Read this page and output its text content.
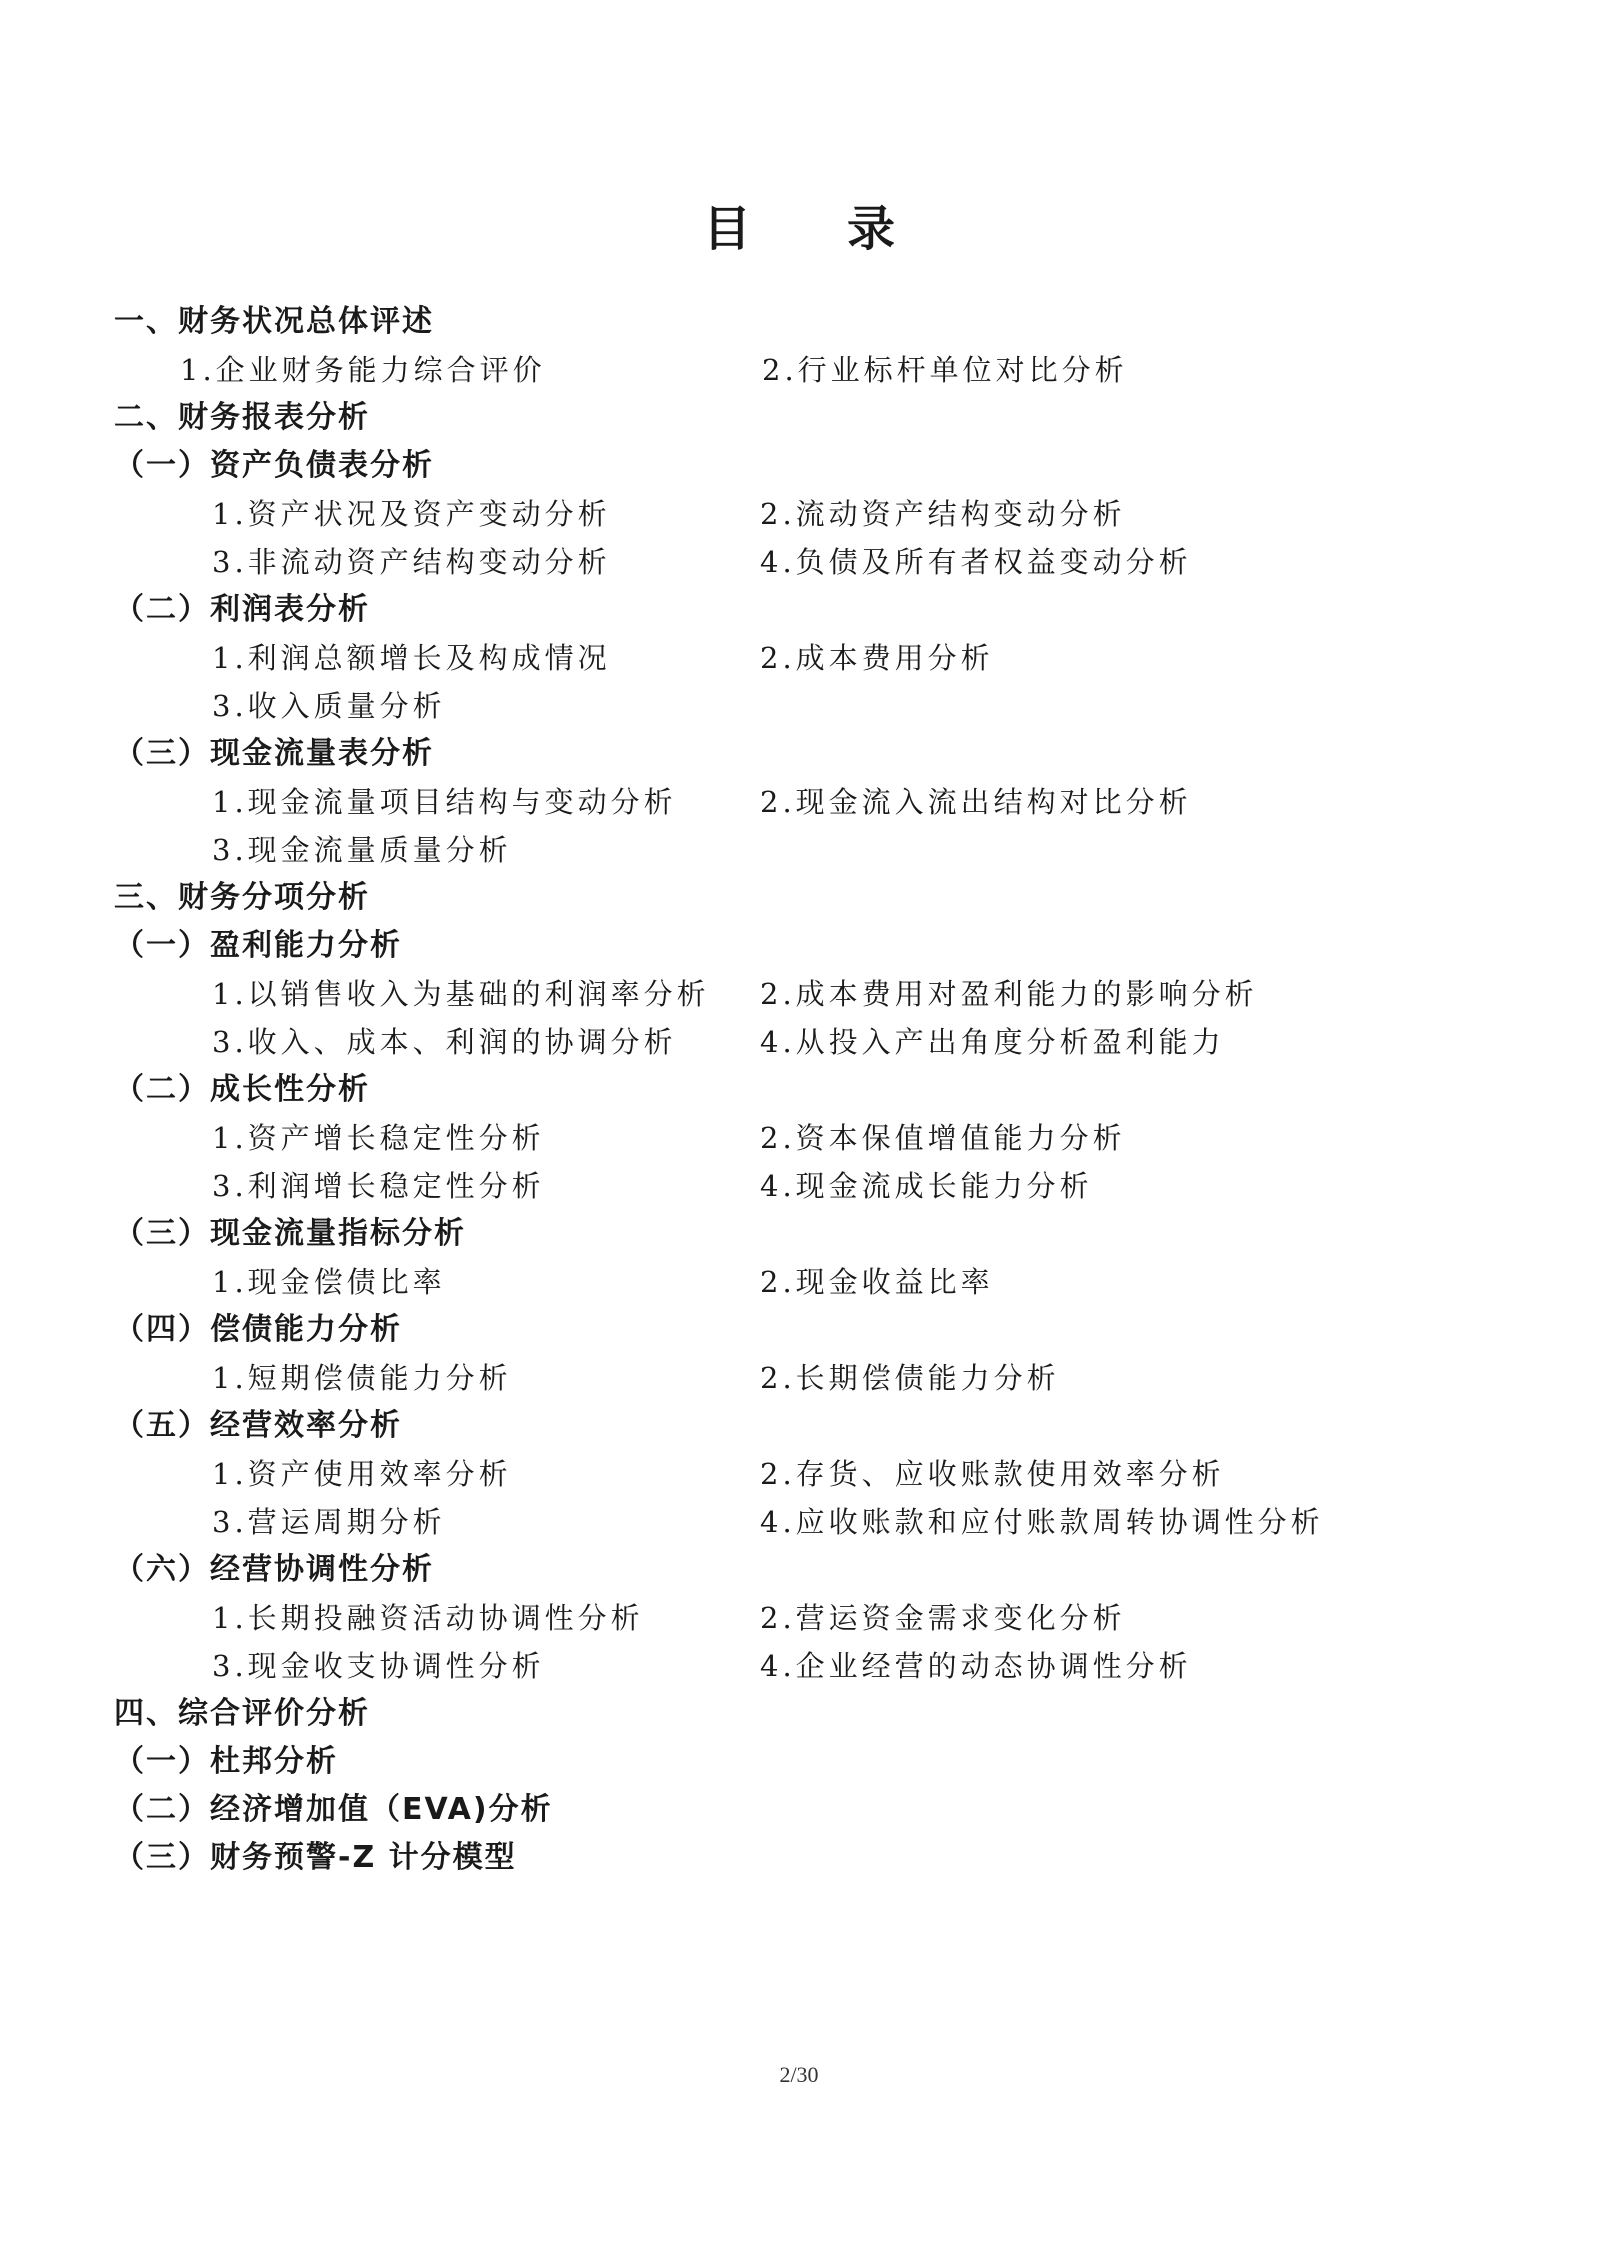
目 录
一、财务状况总体评述
1.企业财务能力综合评价	2.行业标杆单位对比分析
二、财务报表分析
（一）资产负债表分析
1.资产状况及资产变动分析	2.流动资产结构变动分析
3.非流动资产结构变动分析	4.负债及所有者权益变动分析
（二）利润表分析
1.利润总额增长及构成情况	2.成本费用分析
3.收入质量分析
（三）现金流量表分析
1.现金流量项目结构与变动分析	2.现金流入流出结构对比分析
3.现金流量质量分析
三、财务分项分析
（一）盈利能力分析
1.以销售收入为基础的利润率分析 2.成本费用对盈利能力的影响分析
3.收入、成本、利润的协调分析	4.从投入产出角度分析盈利能力
（二）成长性分析
1.资产增长稳定性分析	2.资本保值增值能力分析
3.利润增长稳定性分析	4.现金流成长能力分析
（三）现金流量指标分析
1.现金偿债比率	2.现金收益比率
（四）偿债能力分析
1.短期偿债能力分析	2.长期偿债能力分析
（五）经营效率分析
1.资产使用效率分析	2.存货、应收账款使用效率分析
3.营运周期分析	4.应收账款和应付账款周转协调性分析
（六）经营协调性分析
1.长期投融资活动协调性分析	2.营运资金需求变化分析
3.现金收支协调性分析	4.企业经营的动态协调性分析
四、综合评价分析
（一）杜邦分析
（二）经济增加值（EVA)分析
（三）财务预警-Z 计分模型
2/30
